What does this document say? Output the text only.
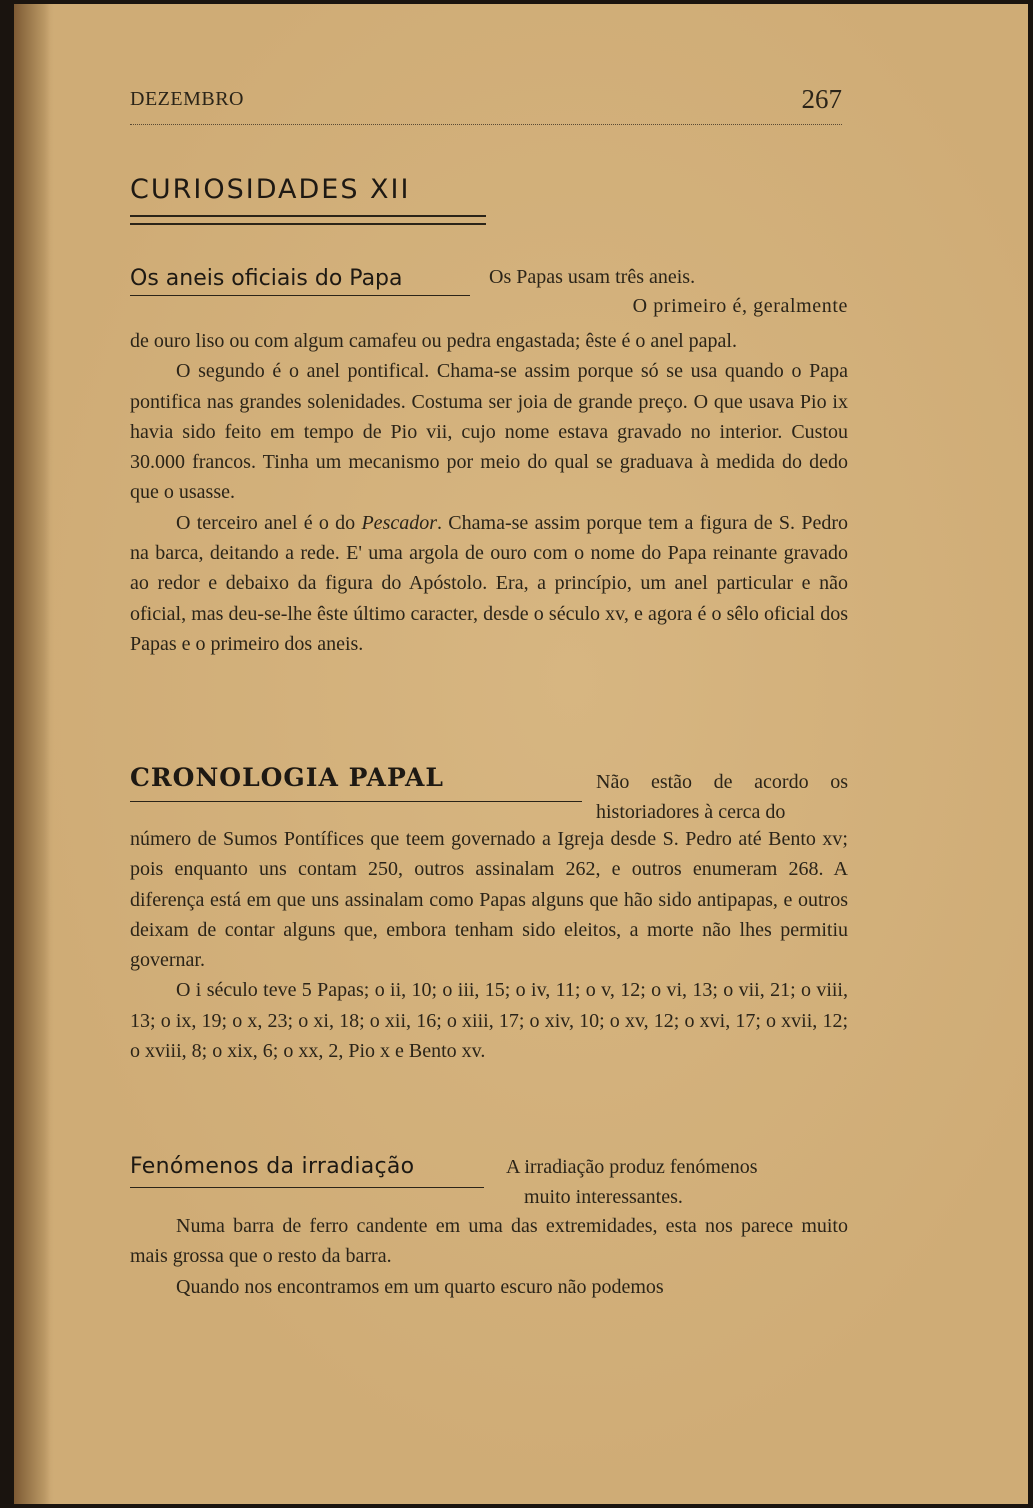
DEZEMBRO	267
CURIOSIDADES XII
Os aneis oficiais do Papa	Os Papas usam três aneis.
O primeiro é, geralmente

de ouro liso ou com algum camafeu ou pedra engastada; êste é o anel papal.

O segundo é o anel pontifical. Chama-se assim porque só se usa quando o Papa pontifica nas grandes solenidades. Costuma ser joia de grande preço. O que usava Pio ix havia sido feito em tempo de Pio vii, cujo nome estava gravado no interior. Custou 30.000 francos. Tinha um mecanismo por meio do qual se graduava à medida do dedo que o usasse.

O terceiro anel é o do Pescador. Chama-se assim porque tem a figura de S. Pedro na barca, deitando a rede. E' uma argola de ouro com o nome do Papa reinante gravado ao redor e debaixo da figura do Apóstolo. Era, a princípio, um anel particular e não oficial, mas deu-se-lhe êste último caracter, desde o século xv, e agora é o sêlo oficial dos Papas e o primeiro dos aneis.

CRONOLOGIA PAPAL	Não estão de acordo os historiadores à cerca do

número de Sumos Pontífices que teem governado a Igreja desde S. Pedro até Bento xv; pois enquanto uns contam 250, outros assinalam 262, e outros enumeram 268. A diferença está em que uns assinalam como Papas alguns que hão sido antipapas, e outros deixam de contar alguns que, embora tenham sido eleitos, a morte não lhes permitiu governar.

O i século teve 5 Papas; o ii, 10; o iii, 15; o iv, 11; o v, 12; o vi, 13; o vii, 21; o viii, 13; o ix, 19; o x, 23; o xi, 18; o xii, 16; o xiii, 17; o xiv, 10; o xv, 12; o xvi, 17; o xvii, 12; o xviii, 8; o xix, 6; o xx, 2, Pio x e Bento xv.

Fenómenos da irradiação	A irradiação produz fenómenos
muito interessantes.

Numa barra de ferro candente em uma das extremidades, esta nos parece muito mais grossa que o resto da barra.

Quando nos encontramos em um quarto escuro não podemos
